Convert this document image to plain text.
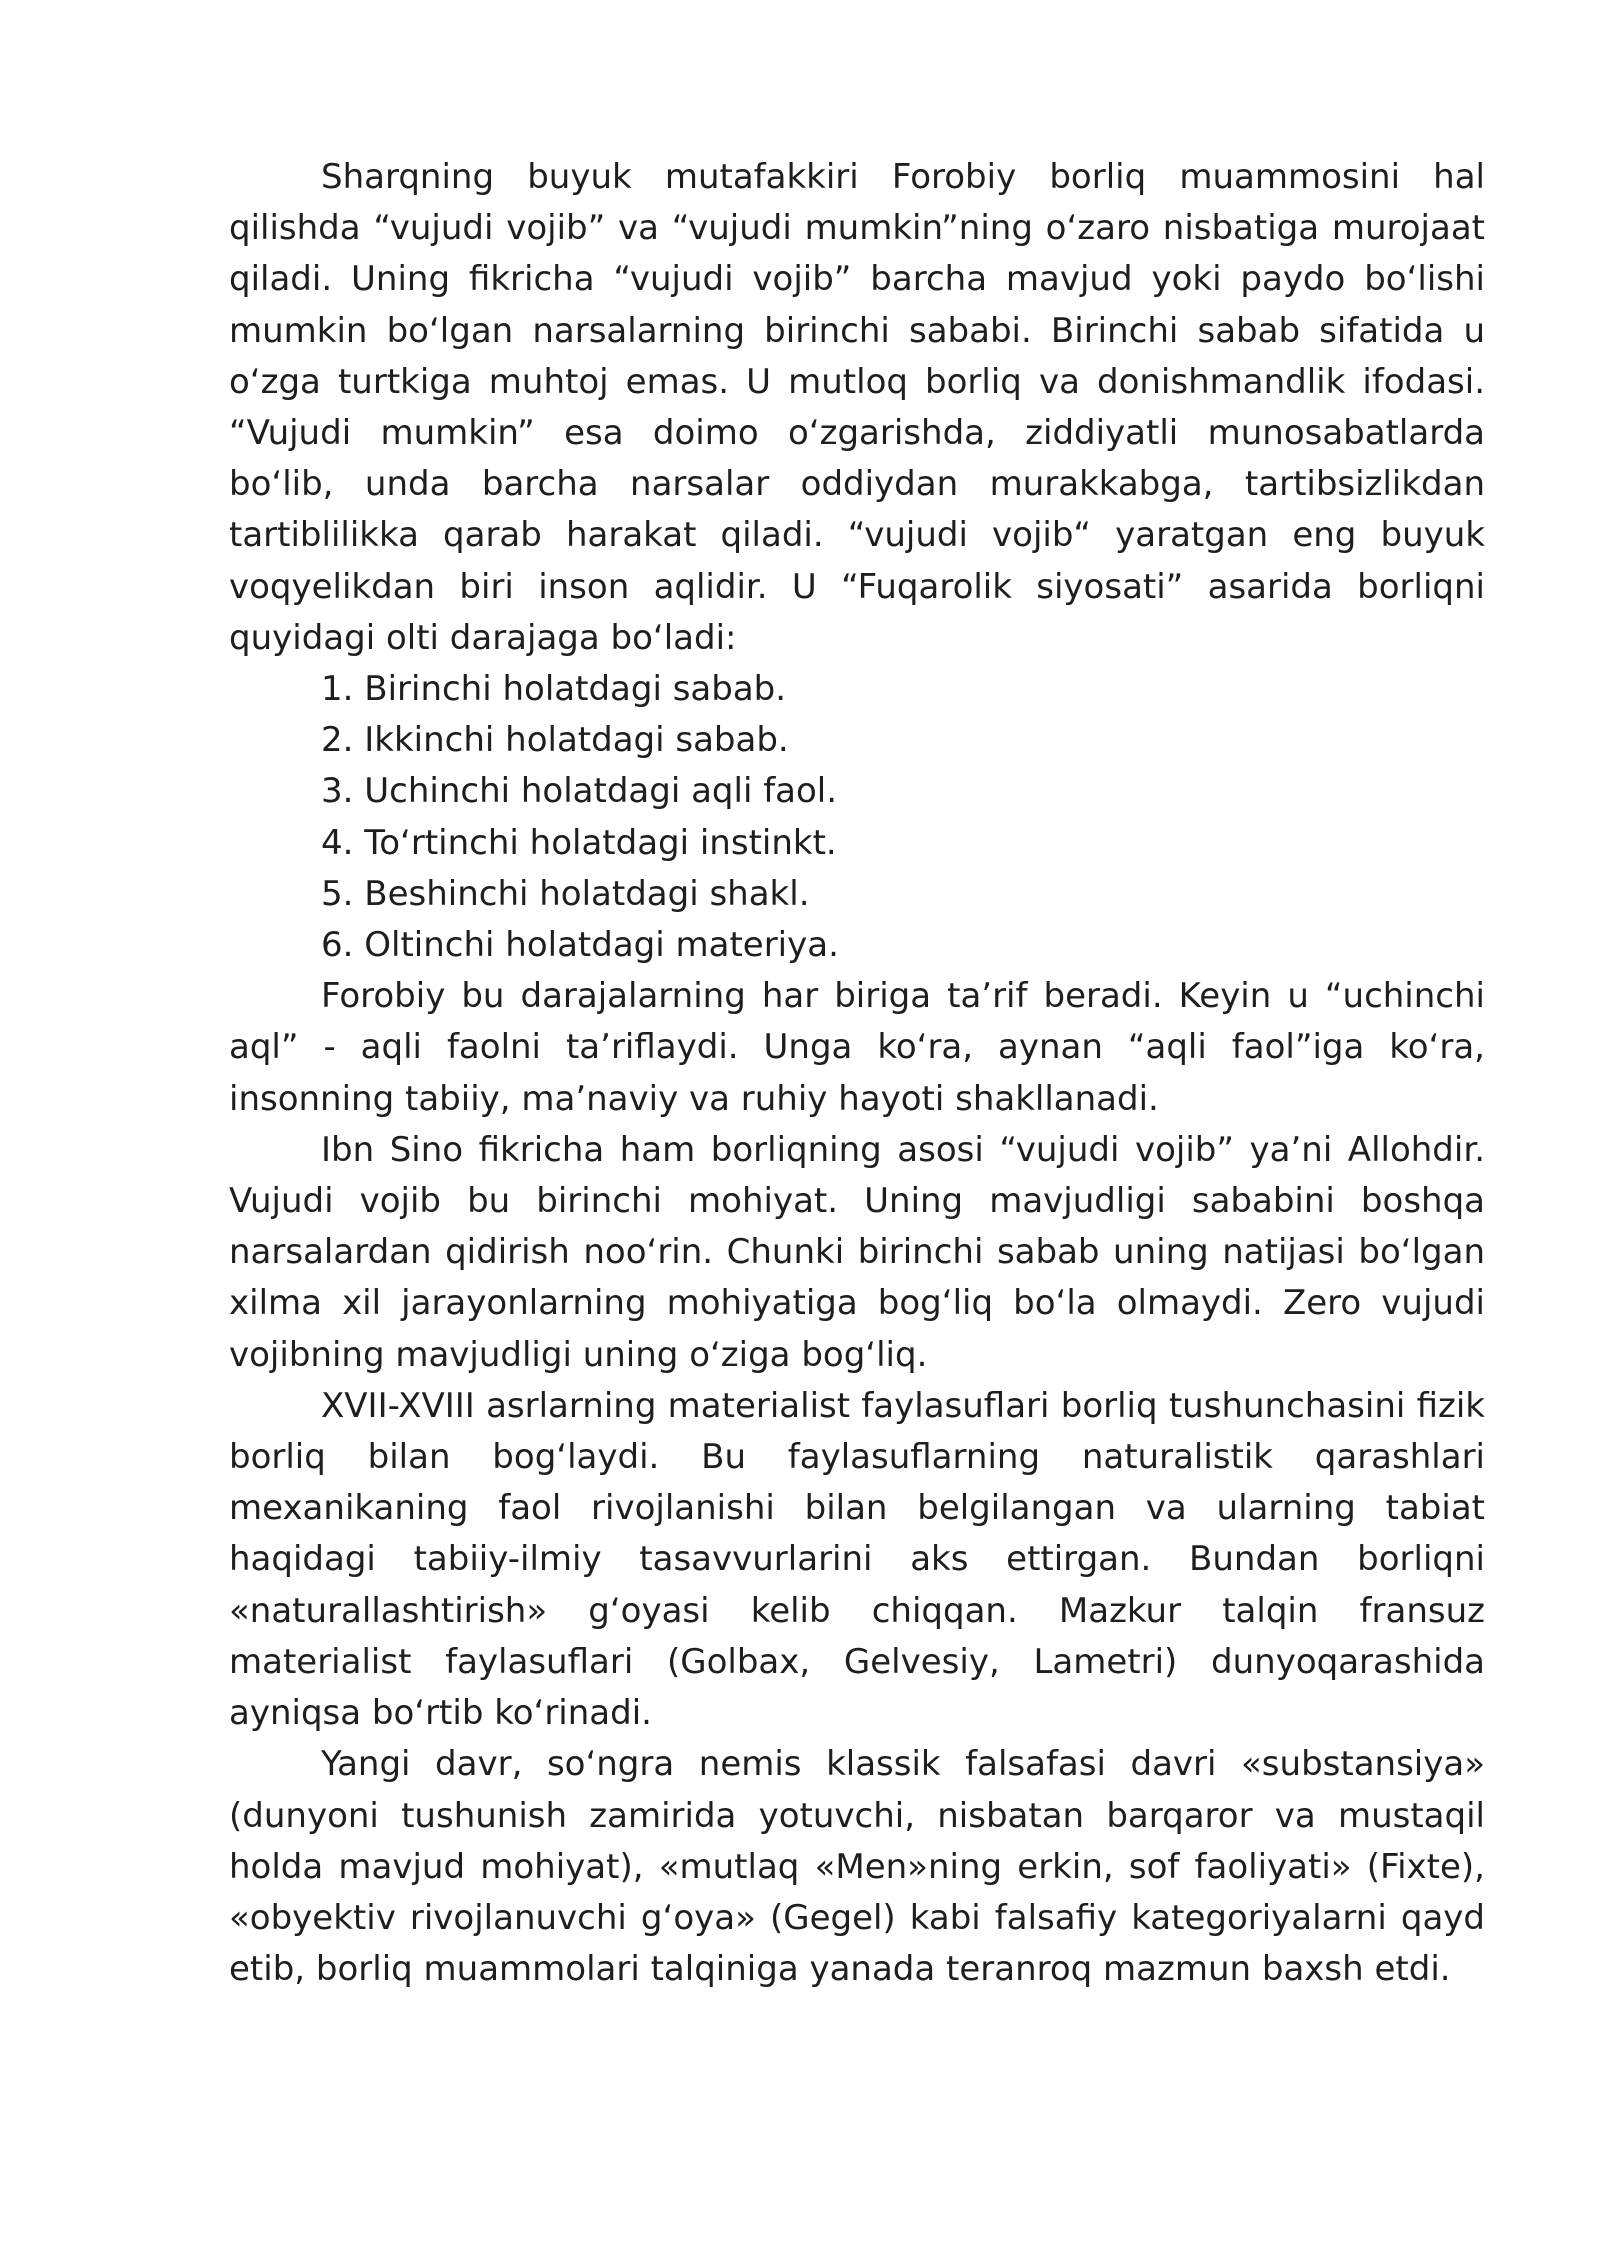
Sharqning buyuk mutafakkiri Forobiy borliq muammosini hal qilishda “vujudi vojib” va “vujudi mumkin”ning o‘zaro nisbatiga murojaat qiladi. Uning fikricha “vujudi vojib” barcha mavjud yoki paydo bo‘lishi mumkin bo‘lgan narsalarning birinchi sababi. Birinchi sabab sifatida u o‘zga turtkiga muhtoj emas. U mutloq borliq va donishmandlik ifodasi. “Vujudi mumkin” esa doimo o‘zgarishda, ziddiyatli munosabatlarda bo‘lib, unda barcha narsalar oddiydan murakkabga, tartibsizlikdan tartiblilikka qarab harakat qiladi. “vujudi vojib“ yaratgan eng buyuk voqyelikdan biri inson aqlidir. U “Fuqarolik siyosati” asarida borliqni quyidagi olti darajaga bo‘ladi:

1. Birinchi holatdagi sabab.
2. Ikkinchi holatdagi sabab.
3. Uchinchi holatdagi aqli faol.
4. To‘rtinchi holatdagi instinkt.
5. Beshinchi holatdagi shakl.
6. Oltinchi holatdagi materiya.

Forobiy bu darajalarning har biriga ta’rif beradi. Keyin u “uchinchi aql” - aqli faolni ta’riflaydi. Unga ko‘ra, aynan “aqli faol”iga ko‘ra, insonning tabiiy, ma’naviy va ruhiy hayoti shakllanadi.

Ibn Sino fikricha ham borliqning asosi “vujudi vojib” ya’ni Allohdir. Vujudi vojib bu birinchi mohiyat. Uning mavjudligi sababini boshqa narsalardan qidirish noo‘rin. Chunki birinchi sabab uning natijasi bo‘lgan xilma xil jarayonlarning mohiyatiga bog‘liq bo‘la olmaydi. Zero vujudi vojibning mavjudligi uning o‘ziga bog‘liq.

XVII-XVIII asrlarning materialist faylasuflari borliq tushunchasini fizik borliq bilan bog‘laydi. Bu faylasuflarning naturalistik qarashlari mexanikaning faol rivojlanishi bilan belgilangan va ularning tabiat haqidagi tabiiy-ilmiy tasavvurlarini aks ettirgan. Bundan borliqni «naturallashtirish» g‘oyasi kelib chiqqan. Mazkur talqin fransuz materialist faylasuflari (Golbax, Gelvesiy, Lametri) dunyoqarashida ayniqsa bo‘rtib ko‘rinadi.

Yangi davr, so‘ngra nemis klassik falsafasi davri «substansiya» (dunyoni tushunish zamirida yotuvchi, nisbatan barqaror va mustaqil holda mavjud mohiyat), «mutlaq «Men»ning erkin, sof faoliyati» (Fixte), «obyektiv rivojlanuvchi g‘oya» (Gegel) kabi falsafiy kategoriyalarni qayd etib, borliq muammolari talqiniga yanada teranroq mazmun baxsh etdi.
